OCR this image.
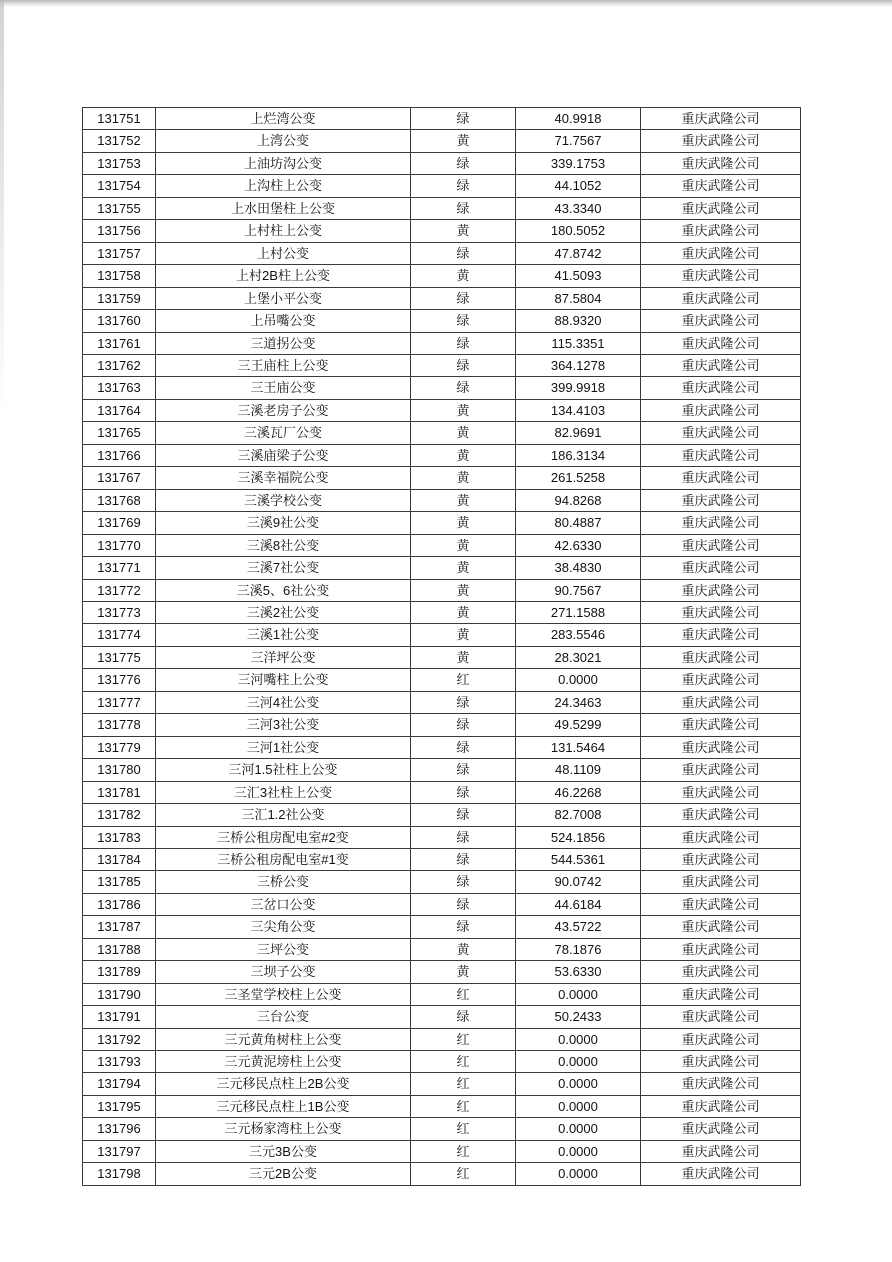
131751	上烂湾公变	绿	40.9918	重庆武隆公司
131752	上湾公变	黄	71.7567	重庆武隆公司
131753	上油坊沟公变	绿	339.1753	重庆武隆公司
131754	上沟柱上公变	绿	44.1052	重庆武隆公司
131755	上水田堡柱上公变	绿	43.3340	重庆武隆公司
131756	上村柱上公变	黄	180.5052	重庆武隆公司
131757	上村公变	绿	47.8742	重庆武隆公司
131758	上村2B柱上公变	黄	41.5093	重庆武隆公司
131759	上堡小平公变	绿	87.5804	重庆武隆公司
131760	上吊嘴公变	绿	88.9320	重庆武隆公司
131761	三道拐公变	绿	115.3351	重庆武隆公司
131762	三王庙柱上公变	绿	364.1278	重庆武隆公司
131763	三王庙公变	绿	399.9918	重庆武隆公司
131764	三溪老房子公变	黄	134.4103	重庆武隆公司
131765	三溪瓦厂公变	黄	82.9691	重庆武隆公司
131766	三溪庙梁子公变	黄	186.3134	重庆武隆公司
131767	三溪幸福院公变	黄	261.5258	重庆武隆公司
131768	三溪学校公变	黄	94.8268	重庆武隆公司
131769	三溪9社公变	黄	80.4887	重庆武隆公司
131770	三溪8社公变	黄	42.6330	重庆武隆公司
131771	三溪7社公变	黄	38.4830	重庆武隆公司
131772	三溪5、6社公变	黄	90.7567	重庆武隆公司
131773	三溪2社公变	黄	271.1588	重庆武隆公司
131774	三溪1社公变	黄	283.5546	重庆武隆公司
131775	三洋坪公变	黄	28.3021	重庆武隆公司
131776	三河嘴柱上公变	红	0.0000	重庆武隆公司
131777	三河4社公变	绿	24.3463	重庆武隆公司
131778	三河3社公变	绿	49.5299	重庆武隆公司
131779	三河1社公变	绿	131.5464	重庆武隆公司
131780	三河1.5社柱上公变	绿	48.1109	重庆武隆公司
131781	三汇3社柱上公变	绿	46.2268	重庆武隆公司
131782	三汇1.2社公变	绿	82.7008	重庆武隆公司
131783	三桥公租房配电室#2变	绿	524.1856	重庆武隆公司
131784	三桥公租房配电室#1变	绿	544.5361	重庆武隆公司
131785	三桥公变	绿	90.0742	重庆武隆公司
131786	三岔口公变	绿	44.6184	重庆武隆公司
131787	三尖角公变	绿	43.5722	重庆武隆公司
131788	三坪公变	黄	78.1876	重庆武隆公司
131789	三坝子公变	黄	53.6330	重庆武隆公司
131790	三圣堂学校柱上公变	红	0.0000	重庆武隆公司
131791	三台公变	绿	50.2433	重庆武隆公司
131792	三元黄角树柱上公变	红	0.0000	重庆武隆公司
131793	三元黄泥塝柱上公变	红	0.0000	重庆武隆公司
131794	三元移民点柱上2B公变	红	0.0000	重庆武隆公司
131795	三元移民点柱上1B公变	红	0.0000	重庆武隆公司
131796	三元杨家湾柱上公变	红	0.0000	重庆武隆公司
131797	三元3B公变	红	0.0000	重庆武隆公司
131798	三元2B公变	红	0.0000	重庆武隆公司
